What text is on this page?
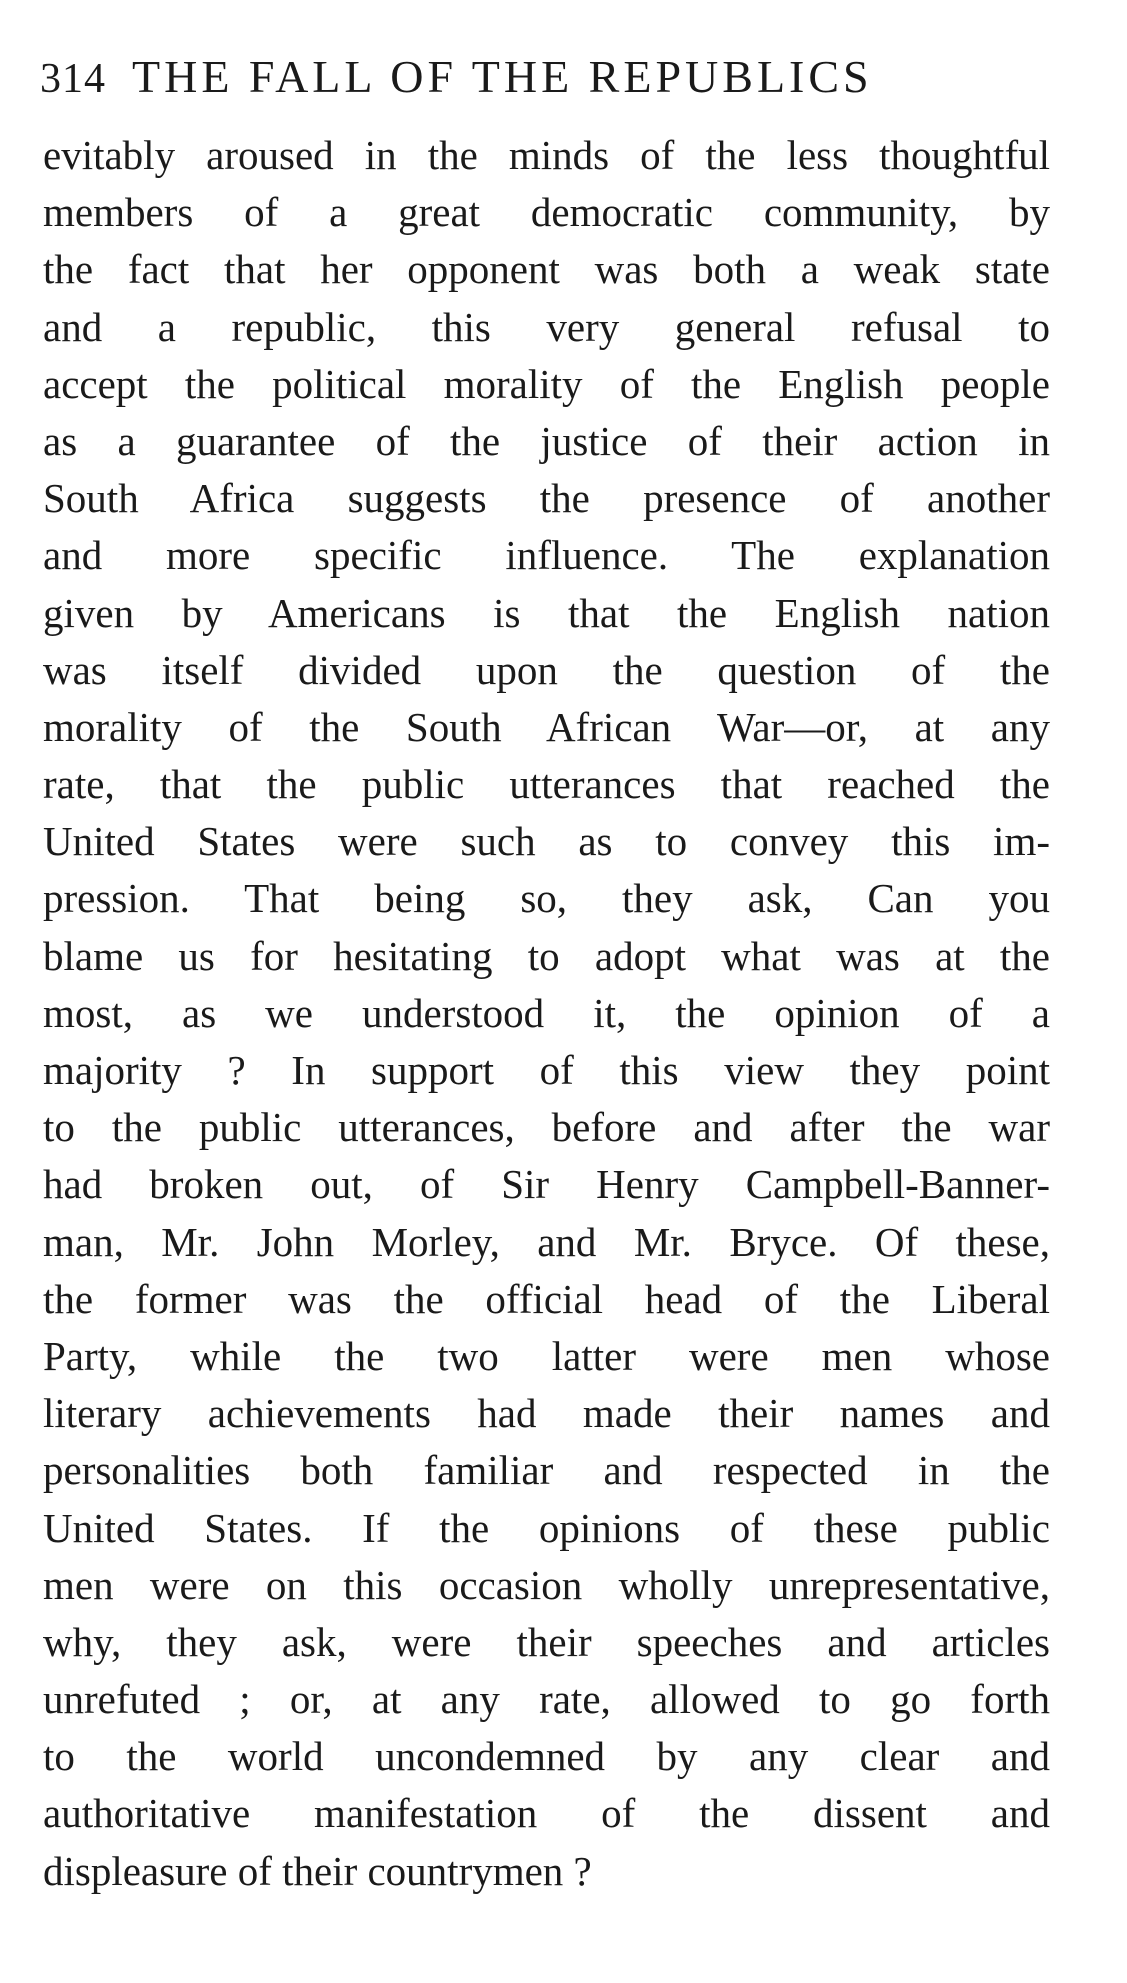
314 THE FALL OF THE REPUBLICS
evitably aroused in the minds of the less thoughtful
members of a great democratic community, by
the fact that her opponent was both a weak state
and a republic, this very general refusal to
accept the political morality of the English people
as a guarantee of the justice of their action in
South Africa suggests the presence of another
and more specific influence. The explanation
given by Americans is that the English nation
was itself divided upon the question of the
morality of the South African War—or, at any
rate, that the public utterances that reached the
United States were such as to convey this im-
pression. That being so, they ask, Can you
blame us for hesitating to adopt what was at the
most, as we understood it, the opinion of a
majority ? In support of this view they point
to the public utterances, before and after the war
had broken out, of Sir Henry Campbell-Banner-
man, Mr. John Morley, and Mr. Bryce. Of these,
the former was the official head of the Liberal
Party, while the two latter were men whose
literary achievements had made their names and
personalities both familiar and respected in the
United States. If the opinions of these public
men were on this occasion wholly unrepresentative,
why, they ask, were their speeches and articles
unrefuted ; or, at any rate, allowed to go forth
to the world uncondemned by any clear and
authoritative manifestation of the dissent and
displeasure of their countrymen ?
